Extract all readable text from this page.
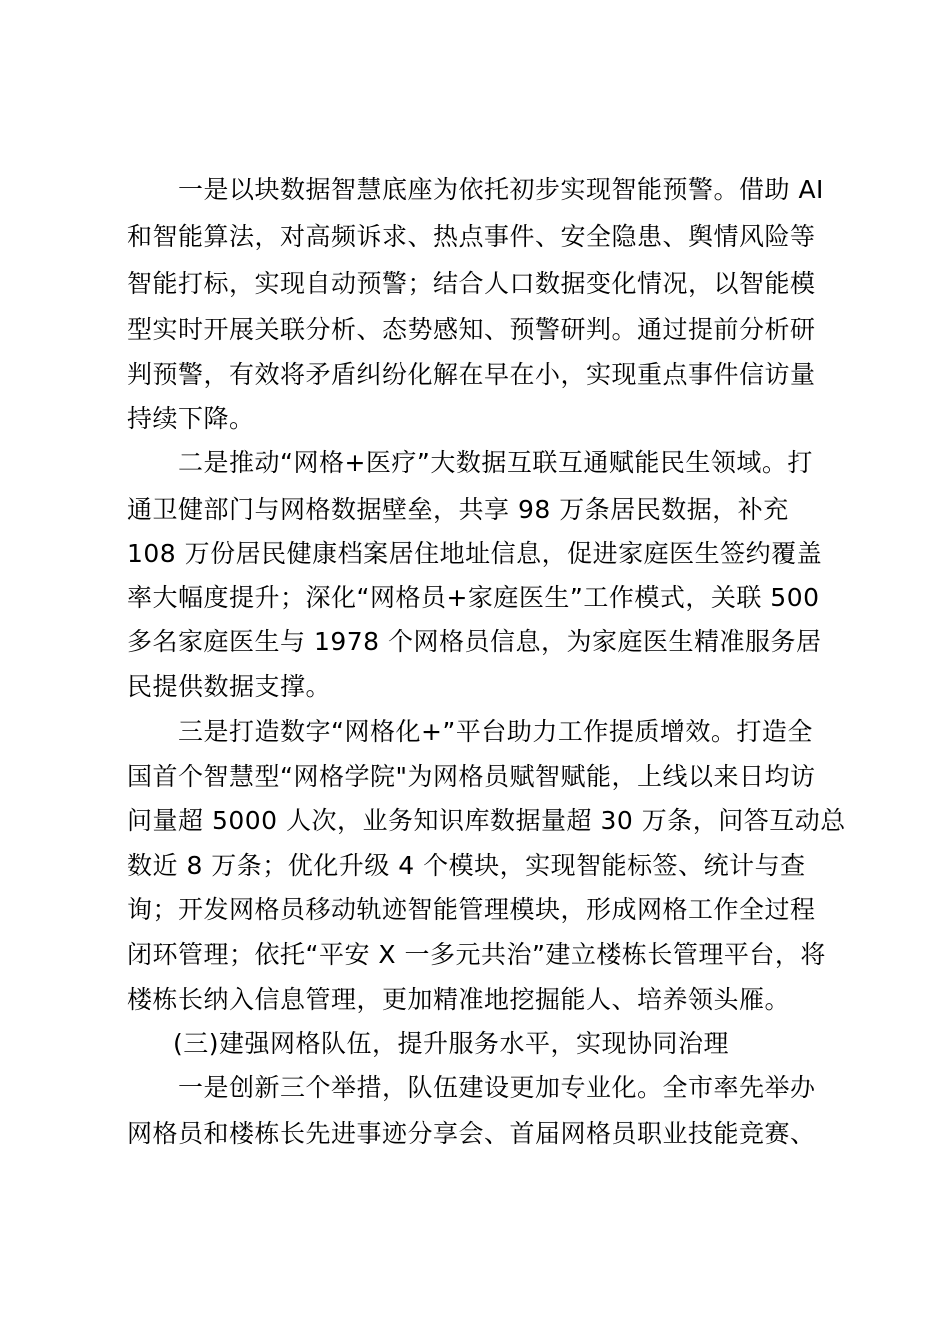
一是以块数据智慧底座为依托初步实现智能预警。借助 AI
和智能算法，对高频诉求、热点事件、安全隐患、舆情风险等
智能打标，实现自动预警；结合人口数据变化情况，以智能模
型实时开展关联分析、态势感知、预警研判。通过提前分析研
判预警，有效将矛盾纠纷化解在早在小，实现重点事件信访量
持续下降。
二是推动“网格+医疗”大数据互联互通赋能民生领域。打
通卫健部门与网格数据壁垒，共享 98 万条居民数据，补充
108 万份居民健康档案居住地址信息，促进家庭医生签约覆盖
率大幅度提升；深化“网格员+家庭医生”工作模式，关联 500
多名家庭医生与 1978 个网格员信息，为家庭医生精准服务居
民提供数据支撑。
三是打造数字“网格化+”平台助力工作提质增效。打造全
国首个智慧型“网格学院"为网格员赋智赋能，上线以来日均访
问量超 5000 人次，业务知识库数据量超 30 万条，问答互动总
数近 8 万条；优化升级 4 个模块，实现智能标签、统计与查
询；开发网格员移动轨迹智能管理模块，形成网格工作全过程
闭环管理；依托“平安 X 一多元共治”建立楼栋长管理平台，将
楼栋长纳入信息管理，更加精准地挖掘能人、培养领头雁。
(三)建强网格队伍，提升服务水平，实现协同治理
一是创新三个举措，队伍建设更加专业化。全市率先举办
网格员和楼栋长先进事迹分享会、首届网格员职业技能竞赛、
